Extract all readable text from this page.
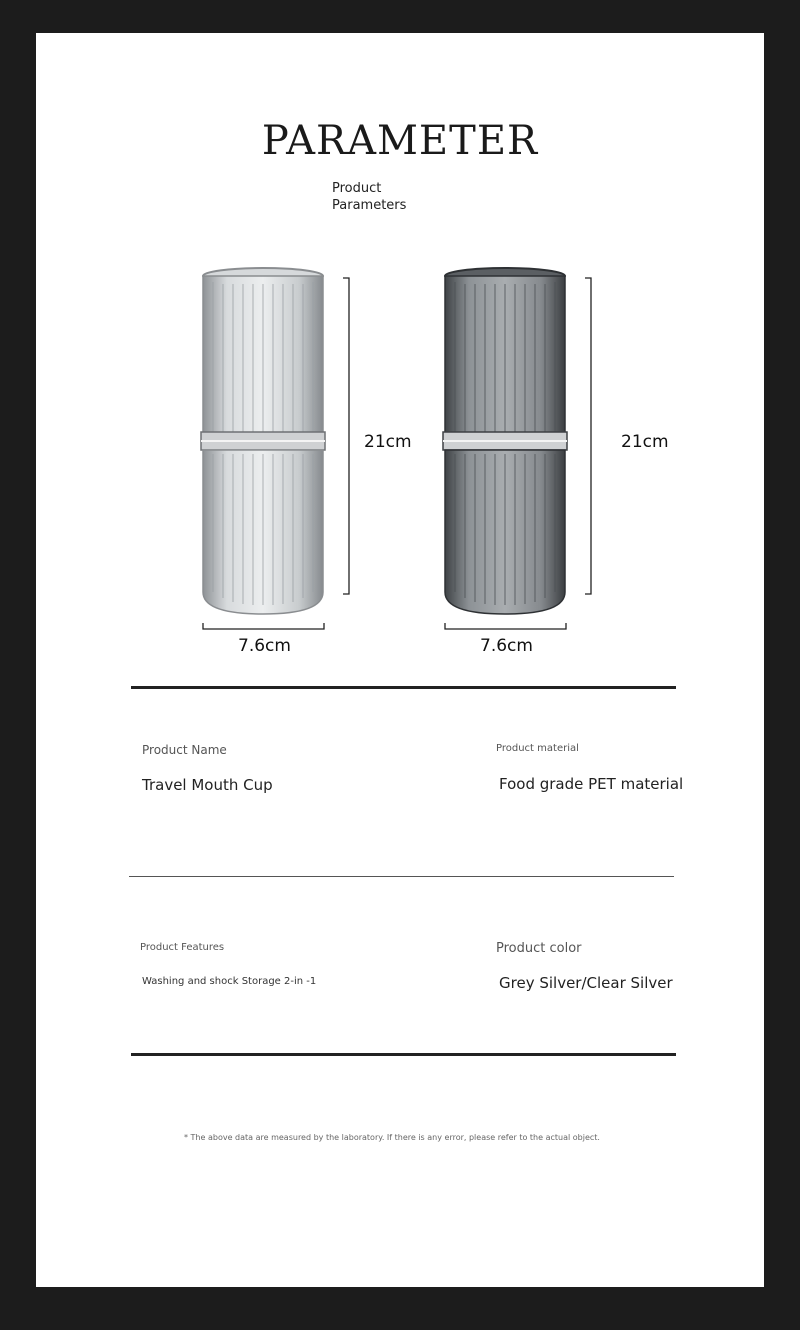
PARAMETER
Product
Parameters
21cm
7.6cm
21cm
7.6cm
Product Name
Travel Mouth Cup
Product material
Food grade PET material
Product Features
Washing and shock Storage 2-in -1
Product color
Grey Silver/Clear Silver
* The above data are measured by the laboratory. If there is any error, please refer to the actual object.
